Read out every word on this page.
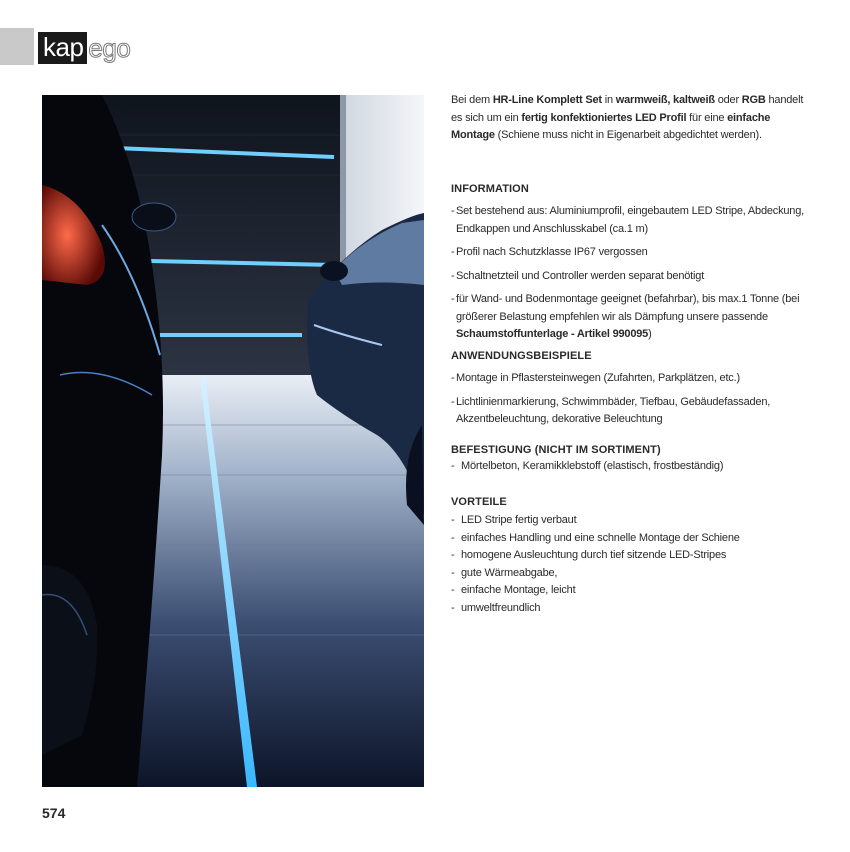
kap ego

Bei dem HR-Line Komplett Set in warmweiß, kaltweiß oder RGB handelt es sich um ein fertig konfektioniertes LED Profil für eine einfache Montage (Schiene muss nicht in Eigenarbeit abgedichtet werden).

INFORMATION
- Set bestehend aus: Aluminiumprofil, eingebautem LED Stripe, Abdeckung, Endkappen und Anschlusskabel (ca.1 m)
- Profil nach Schutzklasse IP67 vergossen
- Schaltnetzteil und Controller werden separat benötigt
- für Wand- und Bodenmontage geeignet (befahrbar), bis max.1 Tonne (bei größerer Belastung empfehlen wir als Dämpfung unsere passende Schaumstoffunterlage - Artikel 990095)
ANWENDUNGSBEISPIELE
- Montage in Pflastersteinwegen (Zufahrten, Parkplätzen, etc.)
- Lichtlinienmarkierung, Schwimmbäder, Tiefbau, Gebäudefassaden, Akzentbeleuchtung, dekorative Beleuchtung
BEFESTIGUNG (NICHT IM SORTIMENT)
- Mörtelbeton, Keramikklebstoff (elastisch, frostbeständig)
VORTEILE
- LED Stripe fertig verbaut
- einfaches Handling und eine schnelle Montage der Schiene
- homogene Ausleuchtung durch tief sitzende LED-Stripes
- gute Wärmeabgabe,
- einfache Montage, leicht
- umweltfreundlich
574
